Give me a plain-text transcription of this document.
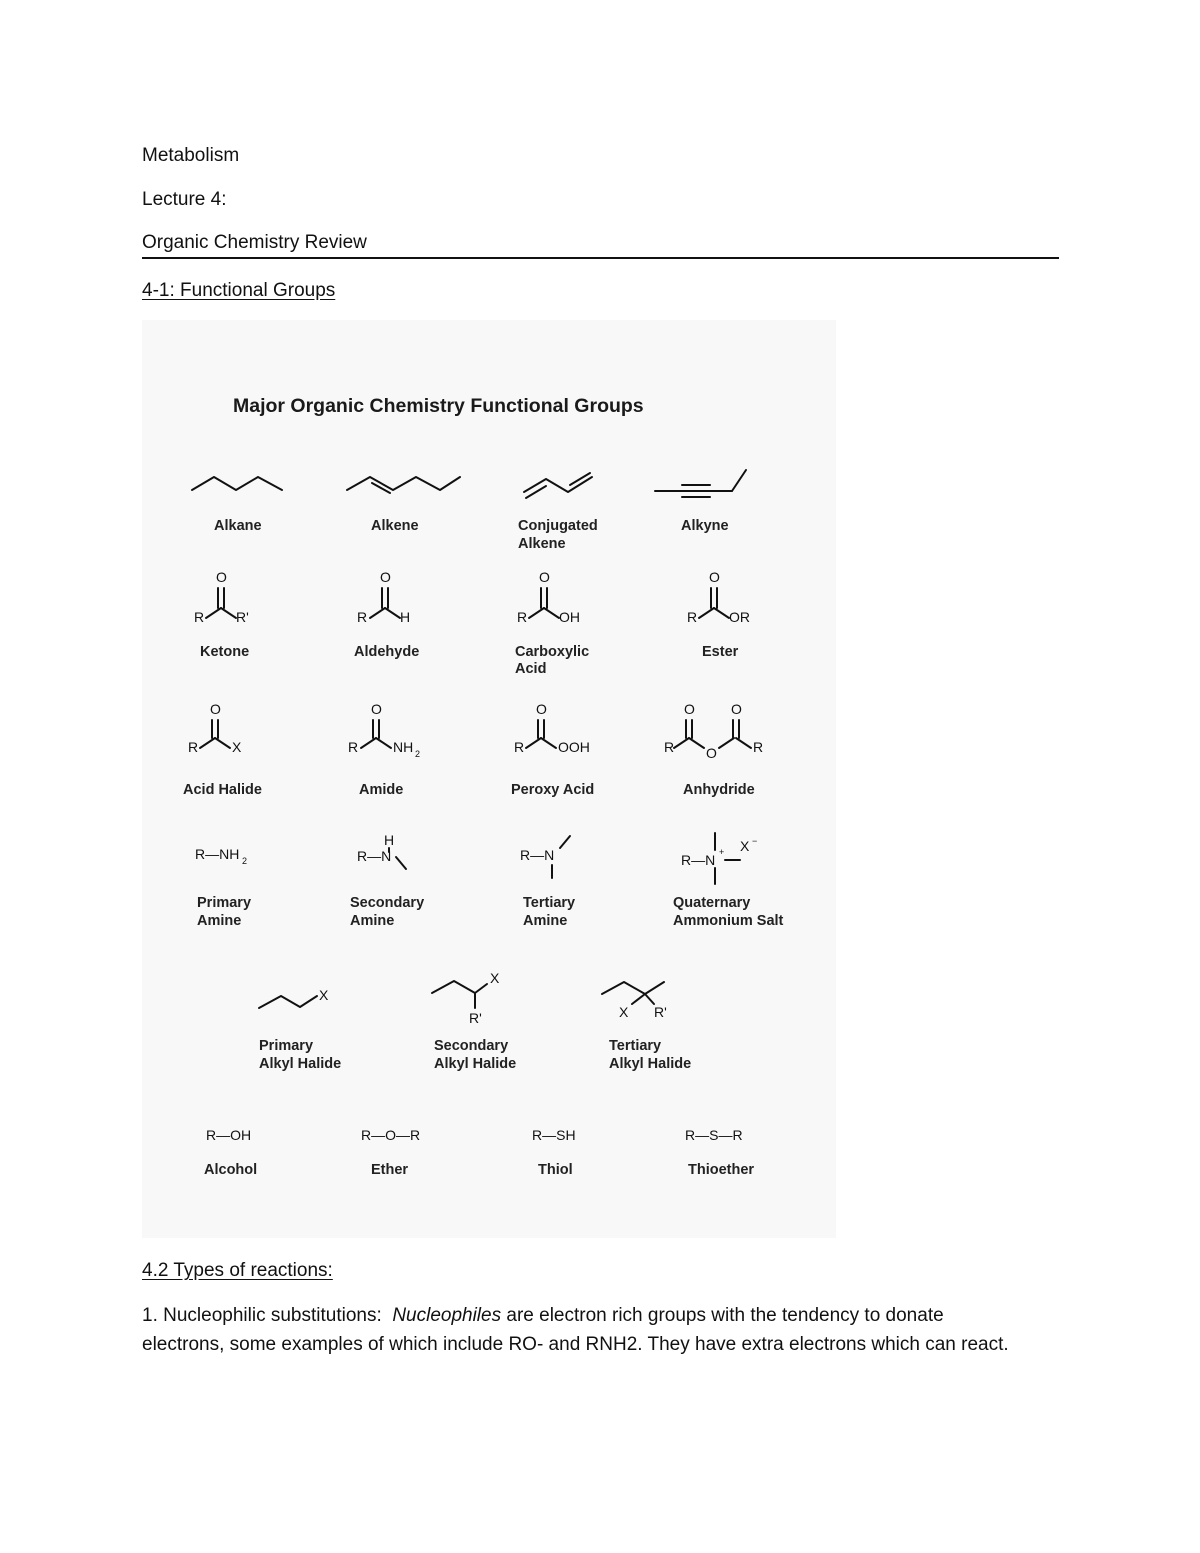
Metabolism
Lecture 4:
Organic Chemistry Review
4-1: Functional Groups
Major Organic Chemistry Functional Groups
Alkane	Alkene	Conjugated
Alkene
Alkyne
O
R R'
O
R H
O
R OH
O
R OR
Ketone	Aldehyde	Carboxylic
Acid
Ester
O
R X
O
R NH 2
O
R OOH
O
R O
O
R
Acid Halide	Amide	Peroxy Acid	Anhydride
R—NH 2
H
R—N	R—N	R—N + X −
Primary
Amine
Secondary
Amine
Tertiary
Amine
Quaternary
Ammonium Salt
X
X
R'	X R'
Primary
Alkyl Halide
Secondary
Alkyl Halide
Tertiary
Alkyl Halide
R—OH	R—O—R	R—SH	R—S—R
Alcohol	Ether	Thiol	Thioether
4.2 Types of reactions:
1. Nucleophilic substitutions: Nucleophiles are electron rich groups with the tendency to donate
electrons, some examples of which include RO- and RNH2. They have extra electrons which can react.
